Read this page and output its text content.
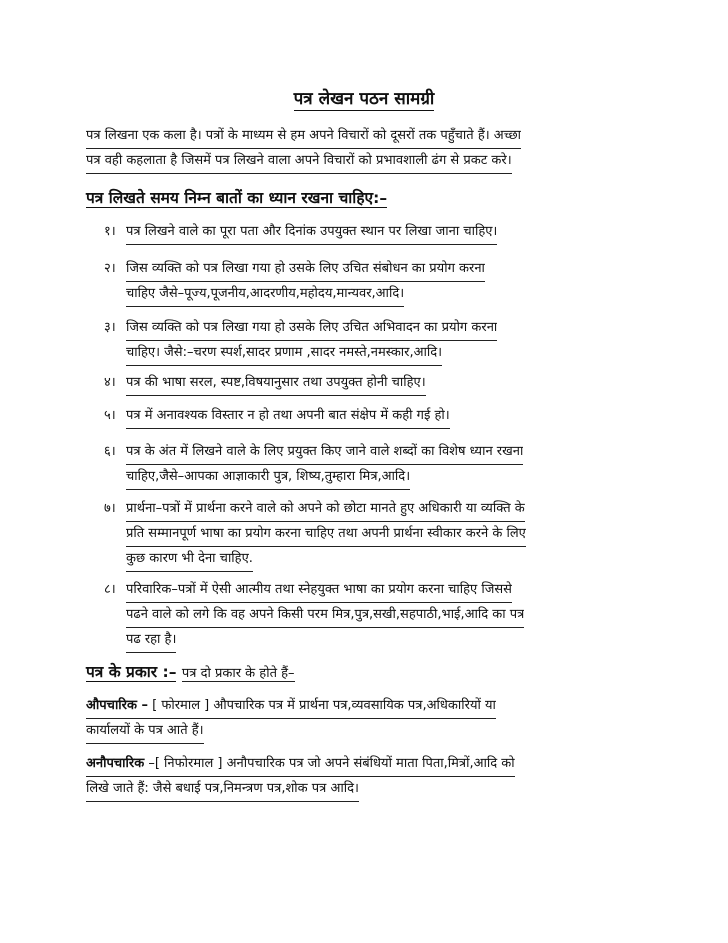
पत्र लेखन पठन सामग्री
पत्र लिखना एक कला है। पत्रों के माध्यम से हम अपने विचारों को दूसरों तक पहुँचाते हैं। अच्छा
पत्र वही कहलाता है जिसमें पत्र लिखने वाला अपने विचारों को प्रभावशाली ढंग से प्रकट करे।
पत्र लिखते समय निम्न बातों का ध्यान रखना चाहिए:–
१। पत्र लिखने वाले का पूरा पता और दिनांक उपयुक्त स्थान पर लिखा जाना चाहिए।
२। जिस व्यक्ति को पत्र लिखा गया हो उसके लिए उचित संबोधन का प्रयोग करना
चाहिए जैसे–पूज्य,पूजनीय,आदरणीय,महोदय,मान्यवर,आदि।
३। जिस व्यक्ति को पत्र लिखा गया हो उसके लिए उचित अभिवादन का प्रयोग करना
चाहिए। जैसे:–चरण स्पर्श,सादर प्रणाम ,सादर नमस्ते,नमस्कार,आदि।
४। पत्र की भाषा सरल, स्पष्ट,विषयानुसार तथा उपयुक्त होनी चाहिए।
५। पत्र में अनावश्यक विस्तार न हो तथा अपनी बात संक्षेप में कही गई हो।
६। पत्र के अंत में लिखने वाले के लिए प्रयुक्त किए जाने वाले शब्दों का विशेष ध्यान रखना
चाहिए,जैसे–आपका आज्ञाकारी पुत्र, शिष्य,तुम्हारा मित्र,आदि।
७। प्रार्थना–पत्रों में प्रार्थना करने वाले को अपने को छोटा मानते हुए अधिकारी या व्यक्ति के
प्रति सम्मानपूर्ण भाषा का प्रयोग करना चाहिए तथा अपनी प्रार्थना स्वीकार करने के लिए
कुछ कारण भी देना चाहिए.
८। परिवारिक–पत्रों में ऐसी आत्मीय तथा स्नेहयुक्त भाषा का प्रयोग करना चाहिए जिससे
पढने वाले को लगे कि वह अपने किसी परम मित्र,पुत्र,सखी,सहपाठी,भाई,आदि का पत्र
पढ रहा है।
पत्र के प्रकार :– पत्र दो प्रकार के होते हैं–
औपचारिक – [ फोरमाल ] औपचारिक पत्र में प्रार्थना पत्र,व्यवसायिक पत्र,अधिकारियों या
कार्यालयों के पत्र आते हैं।
अनौपचारिक –[ निफोरमाल ] अनौपचारिक पत्र जो अपने संबंधियों माता पिता,मित्रों,आदि को
लिखे जाते हैं: जैसे बधाई पत्र,निमन्त्रण पत्र,शोक पत्र आदि।
